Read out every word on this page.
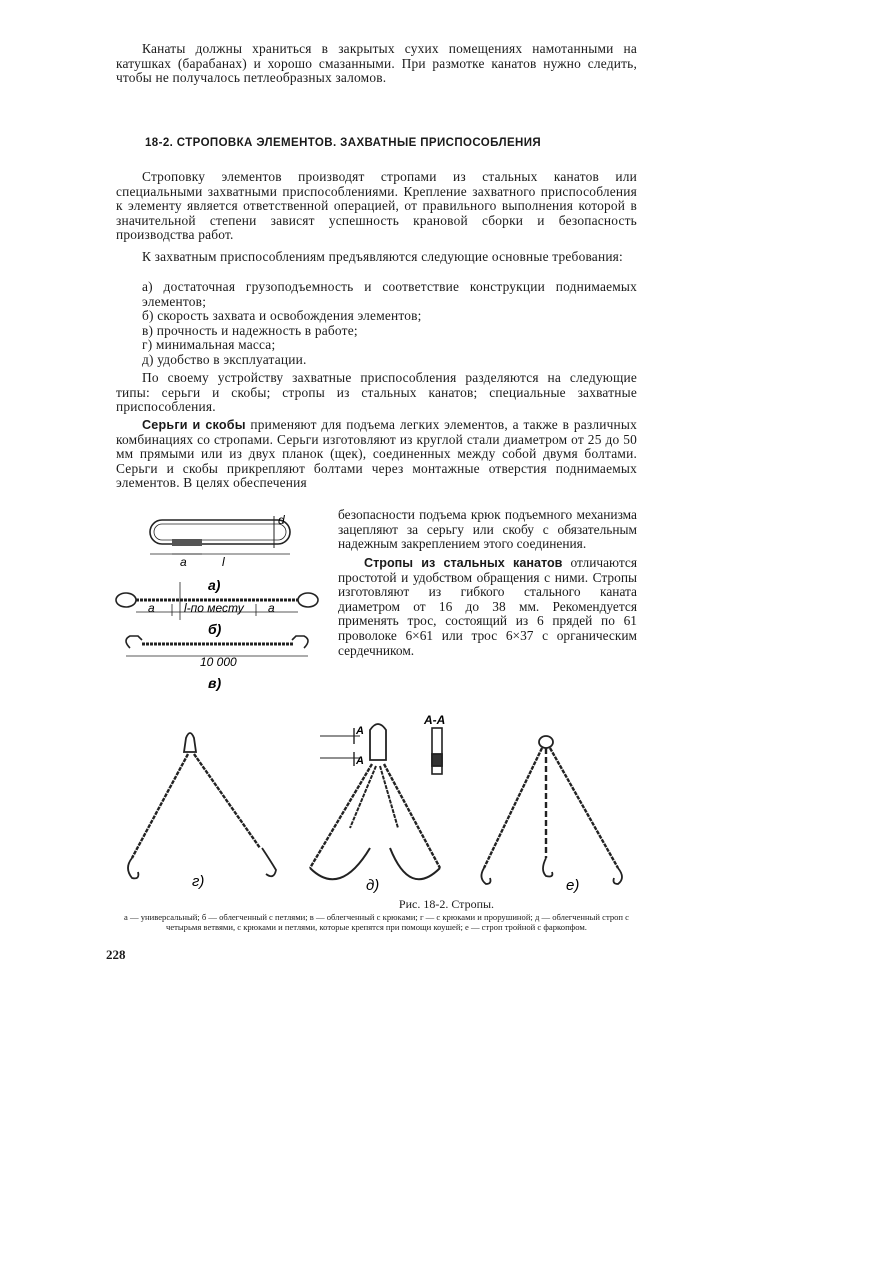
Канаты должны храниться в закрытых сухих помещениях намотанными на катушках (барабанах) и хорошо смазанными. При размотке канатов нужно следить, чтобы не получалось петлеобразных заломов.
18-2. СТРОПОВКА ЭЛЕМЕНТОВ. ЗАХВАТНЫЕ ПРИСПОСОБЛЕНИЯ
Строповку элементов производят стропами из стальных канатов или специальными захватными приспособлениями. Крепление захватного приспособления к элементу является ответственной операцией, от правильного выполнения которой в значительной степени зависят успешность крановой сборки и безопасность производства работ.
К захватным приспособлениям предъявляются следующие основные требования:
а) достаточная грузоподъемность и соответствие конструкции поднимаемых элементов;
б) скорость захвата и освобождения элементов;
в) прочность и надежность в работе;
г) минимальная масса;
д) удобство в эксплуатации.
По своему устройству захватные приспособления разделяются на следующие типы: серьги и скобы; стропы из стальных канатов; специальные захватные приспособления.
Серьги и скобы применяют для подъема легких элементов, а также в различных комбинациях со стропами. Серьги изготовляют из круглой стали диаметром от 25 до 50 мм прямыми или из двух планок (щек), соединенных между собой двумя болтами. Серьги и скобы прикрепляют болтами через монтажные отверстия поднимаемых элементов. В целях обеспечения
безопасности подъема крюк подъемного механизма зацепляют за серьгу или скобу с обязательным надежным закреплением этого соединения.
Стропы из стальных канатов отличаются простотой и удобством обращения с ними. Стропы изготовляют из гибкого стального каната диаметром от 16 до 38 мм. Рекомендуется применять трос, состоящий из 6 прядей по 61 проволоке 6×61 или трос 6×37 с органическим сердечником.
d
a	l
а)
a l-по месту a
б)
10 000
в)
г)
А
А
А-А
д)	е)
Рис. 18-2. Стропы.
а — универсальный; б — облегченный с петлями; в — облегченный с крюками; г — с крюками и прорушиной; д — облегченный строп с четырьмя ветвями, с крюками и петлями, которые крепятся при помощи коушей; е — строп тройной с фаркопфом.
228
